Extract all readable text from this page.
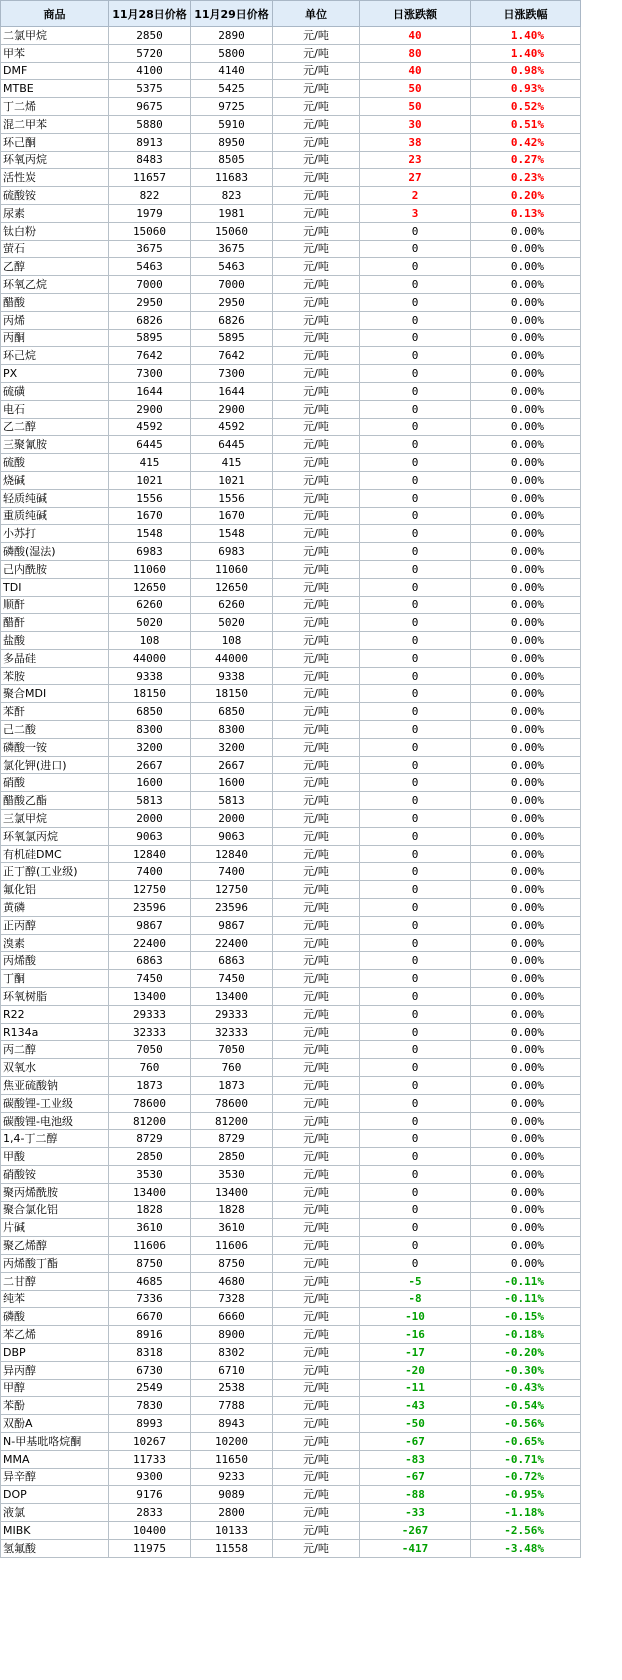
商品	11月28日价格	11月29日价格	单位	日涨跌额	日涨跌幅
二氯甲烷	2850	2890	元/吨	40	1.40%
甲苯	5720	5800	元/吨	80	1.40%
DMF	4100	4140	元/吨	40	0.98%
MTBE	5375	5425	元/吨	50	0.93%
丁二烯	9675	9725	元/吨	50	0.52%
混二甲苯	5880	5910	元/吨	30	0.51%
环己酮	8913	8950	元/吨	38	0.42%
环氧丙烷	8483	8505	元/吨	23	0.27%
活性炭	11657	11683	元/吨	27	0.23%
硫酸铵	822	823	元/吨	2	0.20%
尿素	1979	1981	元/吨	3	0.13%
钛白粉	15060	15060	元/吨	0	0.00%
萤石	3675	3675	元/吨	0	0.00%
乙醇	5463	5463	元/吨	0	0.00%
环氧乙烷	7000	7000	元/吨	0	0.00%
醋酸	2950	2950	元/吨	0	0.00%
丙烯	6826	6826	元/吨	0	0.00%
丙酮	5895	5895	元/吨	0	0.00%
环己烷	7642	7642	元/吨	0	0.00%
PX	7300	7300	元/吨	0	0.00%
硫磺	1644	1644	元/吨	0	0.00%
电石	2900	2900	元/吨	0	0.00%
乙二醇	4592	4592	元/吨	0	0.00%
三聚氰胺	6445	6445	元/吨	0	0.00%
硫酸	415	415	元/吨	0	0.00%
烧碱	1021	1021	元/吨	0	0.00%
轻质纯碱	1556	1556	元/吨	0	0.00%
重质纯碱	1670	1670	元/吨	0	0.00%
小苏打	1548	1548	元/吨	0	0.00%
磷酸(湿法)	6983	6983	元/吨	0	0.00%
己内酰胺	11060	11060	元/吨	0	0.00%
TDI	12650	12650	元/吨	0	0.00%
顺酐	6260	6260	元/吨	0	0.00%
醋酐	5020	5020	元/吨	0	0.00%
盐酸	108	108	元/吨	0	0.00%
多晶硅	44000	44000	元/吨	0	0.00%
苯胺	9338	9338	元/吨	0	0.00%
聚合MDI	18150	18150	元/吨	0	0.00%
苯酐	6850	6850	元/吨	0	0.00%
己二酸	8300	8300	元/吨	0	0.00%
磷酸一铵	3200	3200	元/吨	0	0.00%
氯化钾(进口)	2667	2667	元/吨	0	0.00%
硝酸	1600	1600	元/吨	0	0.00%
醋酸乙酯	5813	5813	元/吨	0	0.00%
三氯甲烷	2000	2000	元/吨	0	0.00%
环氧氯丙烷	9063	9063	元/吨	0	0.00%
有机硅DMC	12840	12840	元/吨	0	0.00%
正丁醇(工业级)	7400	7400	元/吨	0	0.00%
氟化铝	12750	12750	元/吨	0	0.00%
黄磷	23596	23596	元/吨	0	0.00%
正丙醇	9867	9867	元/吨	0	0.00%
溴素	22400	22400	元/吨	0	0.00%
丙烯酸	6863	6863	元/吨	0	0.00%
丁酮	7450	7450	元/吨	0	0.00%
环氧树脂	13400	13400	元/吨	0	0.00%
R22	29333	29333	元/吨	0	0.00%
R134a	32333	32333	元/吨	0	0.00%
丙二醇	7050	7050	元/吨	0	0.00%
双氧水	760	760	元/吨	0	0.00%
焦亚硫酸钠	1873	1873	元/吨	0	0.00%
碳酸锂-工业级	78600	78600	元/吨	0	0.00%
碳酸锂-电池级	81200	81200	元/吨	0	0.00%
1,4-丁二醇	8729	8729	元/吨	0	0.00%
甲酸	2850	2850	元/吨	0	0.00%
硝酸铵	3530	3530	元/吨	0	0.00%
聚丙烯酰胺	13400	13400	元/吨	0	0.00%
聚合氯化铝	1828	1828	元/吨	0	0.00%
片碱	3610	3610	元/吨	0	0.00%
聚乙烯醇	11606	11606	元/吨	0	0.00%
丙烯酸丁酯	8750	8750	元/吨	0	0.00%
二甘醇	4685	4680	元/吨	-5	-0.11%
纯苯	7336	7328	元/吨	-8	-0.11%
磷酸	6670	6660	元/吨	-10	-0.15%
苯乙烯	8916	8900	元/吨	-16	-0.18%
DBP	8318	8302	元/吨	-17	-0.20%
异丙醇	6730	6710	元/吨	-20	-0.30%
甲醇	2549	2538	元/吨	-11	-0.43%
苯酚	7830	7788	元/吨	-43	-0.54%
双酚A	8993	8943	元/吨	-50	-0.56%
N-甲基吡咯烷酮	10267	10200	元/吨	-67	-0.65%
MMA	11733	11650	元/吨	-83	-0.71%
异辛醇	9300	9233	元/吨	-67	-0.72%
DOP	9176	9089	元/吨	-88	-0.95%
液氯	2833	2800	元/吨	-33	-1.18%
MIBK	10400	10133	元/吨	-267	-2.56%
氢氟酸	11975	11558	元/吨	-417	-3.48%
